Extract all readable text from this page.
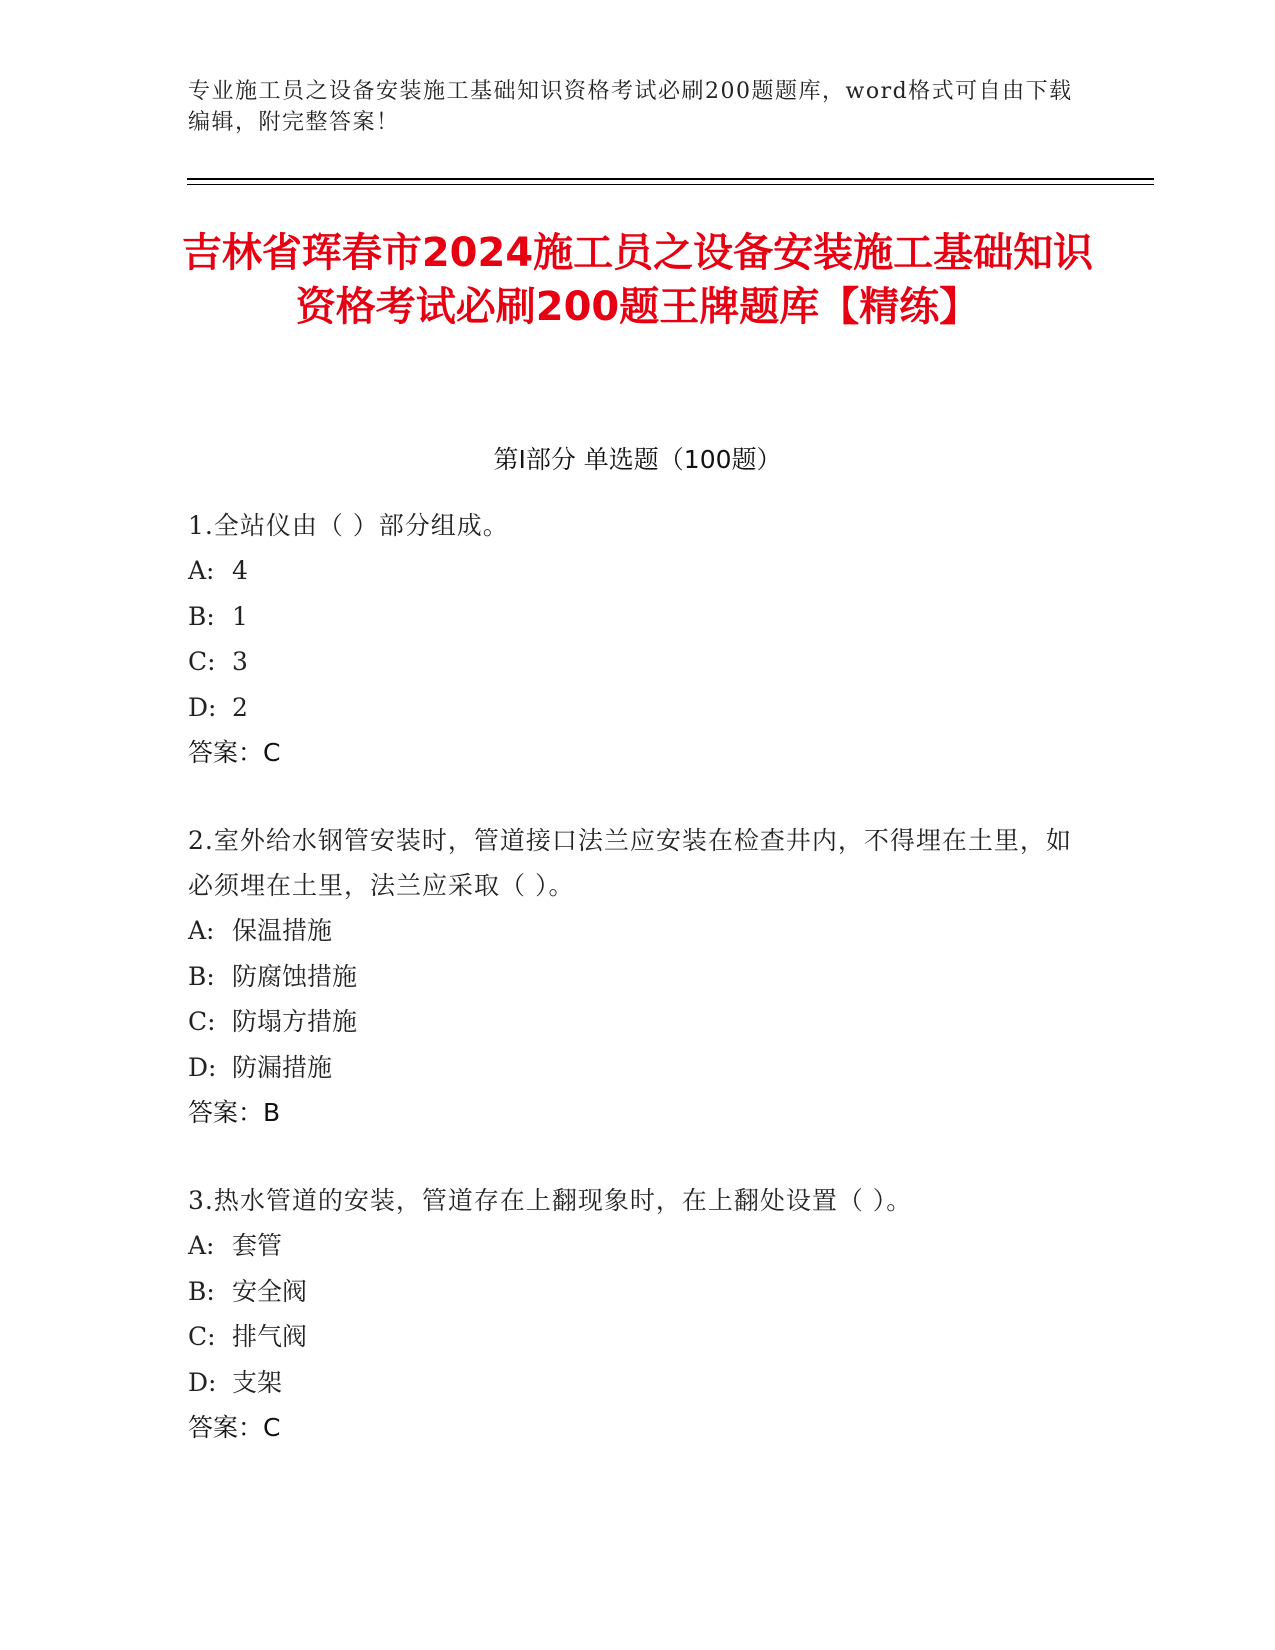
专业施工员之设备安装施工基础知识资格考试必刷200题题库，word格式可自由下载编辑，附完整答案！
吉林省珲春市2024施工员之设备安装施工基础知识资格考试必刷200题王牌题库【精练】
第Ⅰ部分 单选题（100题）
1.全站仪由（ ）部分组成。
A: 4
B: 1
C: 3
D: 2
答案：C
2.室外给水钢管安装时，管道接口法兰应安装在检查井内，不得埋在土里，如必须埋在土里，法兰应采取（ ）。
A: 保温措施
B: 防腐蚀措施
C: 防塌方措施
D: 防漏措施
答案：B
3.热水管道的安装，管道存在上翻现象时，在上翻处设置（ ）。
A: 套管
B: 安全阀
C: 排气阀
D: 支架
答案：C
